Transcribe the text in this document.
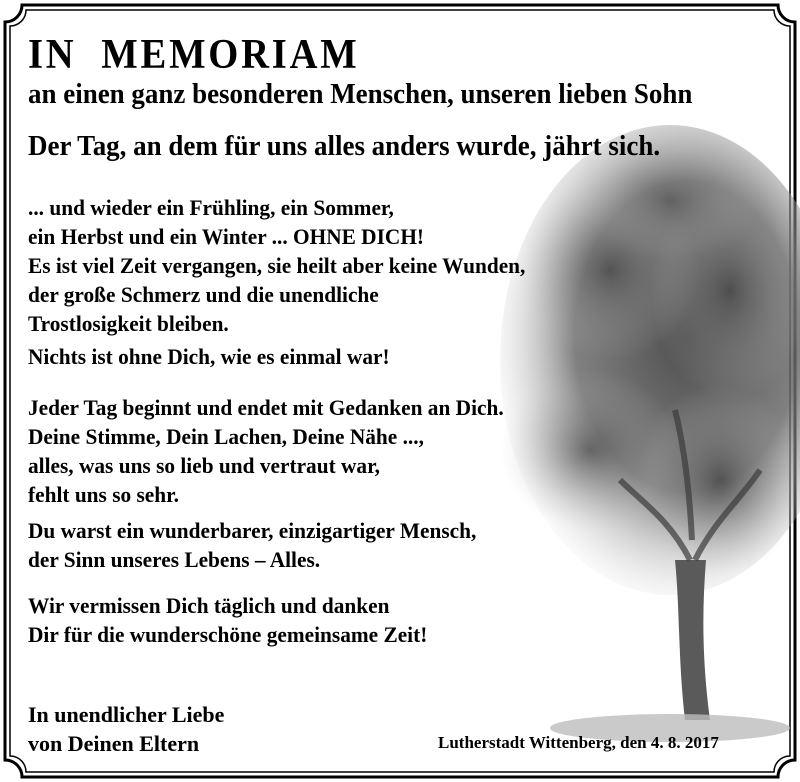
IN  MEMORIAM
an einen ganz besonderen Menschen, unseren lieben Sohn
Der Tag, an dem für uns alles anders wurde, jährt sich.
... und wieder ein Frühling, ein Sommer,
ein Herbst und ein Winter ... OHNE DICH!
Es ist viel Zeit vergangen, sie heilt aber keine Wunden,
der große Schmerz und die unendliche
Trostlosigkeit bleiben.
Nichts ist ohne Dich, wie es einmal war!
Jeder Tag beginnt und endet mit Gedanken an Dich.
Deine Stimme, Dein Lachen, Deine Nähe ...,
alles, was uns so lieb und vertraut war,
fehlt uns so sehr.
Du warst ein wunderbarer, einzigartiger Mensch,
der Sinn unseres Lebens – Alles.
Wir vermissen Dich täglich und danken
Dir für die wunderschöne gemeinsame Zeit!
In unendlicher Liebe
von Deinen Eltern	Lutherstadt Wittenberg, den 4. 8. 2017
